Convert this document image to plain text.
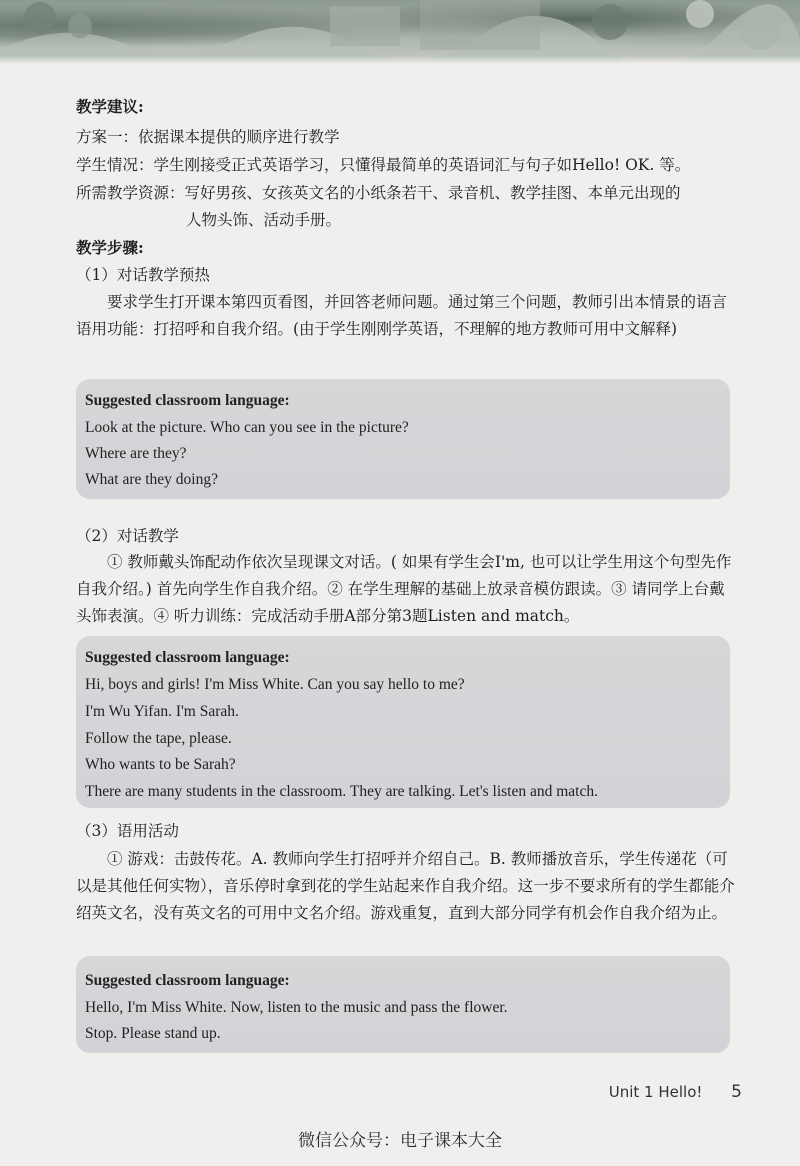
教学建议:
方案一：依据课本提供的顺序进行教学
学生情况：学生刚接受正式英语学习，只懂得最简单的英语词汇与句子如Hello! OK. 等。
所需教学资源：写好男孩、女孩英文名的小纸条若干、录音机、教学挂图、本单元出现的
人物头饰、活动手册。
教学步骤:
（1）对话教学预热
要求学生打开课本第四页看图，并回答老师问题。通过第三个问题，教师引出本情景的语言语用功能：打招呼和自我介绍。(由于学生刚刚学英语，不理解的地方教师可用中文解释)
Suggested classroom language:
Look at the picture. Who can you see in the picture?
Where are they?
What are they doing?
（2）对话教学
① 教师戴头饰配动作依次呈现课文对话。( 如果有学生会I'm, 也可以让学生用这个句型先作自我介绍。) 首先向学生作自我介绍。② 在学生理解的基础上放录音模仿跟读。③ 请同学上台戴头饰表演。④ 听力训练：完成活动手册A部分第3题Listen and match。
Suggested classroom language:
Hi, boys and girls! I'm Miss White. Can you say hello to me?
I'm Wu Yifan. I'm Sarah.
Follow the tape, please.
Who wants to be Sarah?
There are many students in the classroom. They are talking. Let's listen and match.
（3）语用活动
① 游戏：击鼓传花。A. 教师向学生打招呼并介绍自己。B. 教师播放音乐，学生传递花（可以是其他任何实物），音乐停时拿到花的学生站起来作自我介绍。这一步不要求所有的学生都能介绍英文名，没有英文名的可用中文名介绍。游戏重复，直到大部分同学有机会作自我介绍为止。
Suggested classroom language:
Hello, I'm Miss White. Now, listen to the music and pass the flower.
Stop. Please stand up.
Unit 1 Hello! 5
微信公众号：电子课本大全
